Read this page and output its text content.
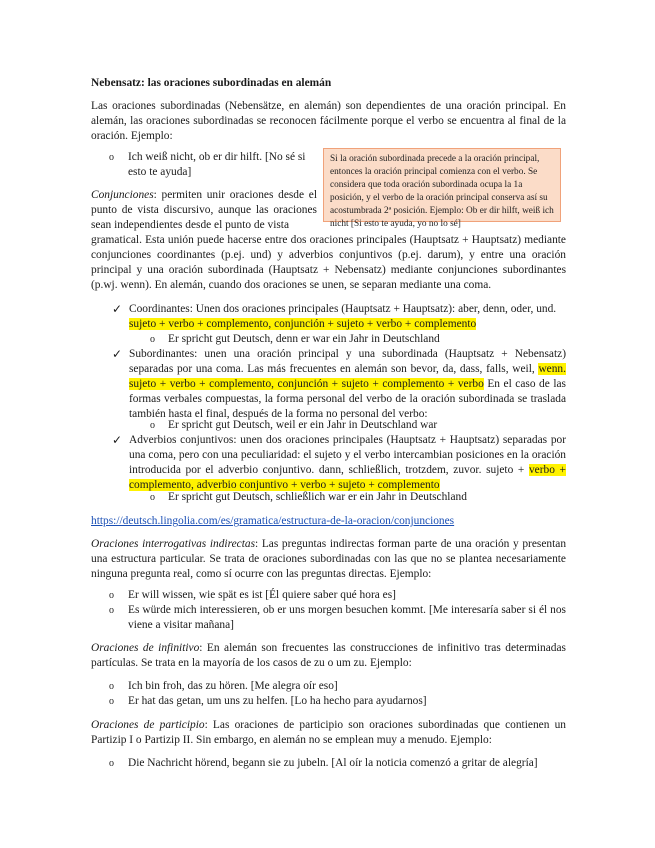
Nebensatz: las oraciones subordinadas en alemán
Las oraciones subordinadas (Nebensätze, en alemán) son dependientes de una oración principal. En alemán, las oraciones subordinadas se reconocen fácilmente porque el verbo se encuentra al final de la oración. Ejemplo:
o Ich weiß nicht, ob er dir hilft. [No sé si esto te ayuda]
Si la oración subordinada precede a la oración principal, entonces la oración principal comienza con el verbo. Se considera que toda oración subordinada ocupa la 1a posición, y el verbo de la oración principal conserva así su acostumbrada 2ª posición. Ejemplo: Ob er dir hilft, weiß ich nicht [Si esto te ayuda, yo no lo sé]
Conjunciones: permiten unir oraciones desde el punto de vista discursivo, aunque las oraciones sean independientes desde el punto de vista
gramatical. Esta unión puede hacerse entre dos oraciones principales (Hauptsatz + Hauptsatz) mediante conjunciones coordinantes (p.ej. und) y adverbios conjuntivos (p.ej. darum), y entre una oración principal y una oración subordinada (Hauptsatz + Nebensatz) mediante conjunciones subordinantes (p.wj. wenn). En alemán, cuando dos oraciones se unen, se separan mediante una coma.
✓ Coordinantes: Unen dos oraciones principales (Hauptsatz + Hauptsatz): aber, denn, oder, und.
sujeto + verbo + complemento, conjunción + sujeto + verbo + complemento
o Er spricht gut Deutsch, denn er war ein Jahr in Deutschland
✓ Subordinantes: unen una oración principal y una subordinada (Hauptsatz + Nebensatz) separadas por una coma. Las más frecuentes en alemán son bevor, da, dass, falls, weil, wenn. sujeto + verbo + complemento, conjunción + sujeto + complemento + verbo En el caso de las formas verbales compuestas, la forma personal del verbo de la oración subordinada se traslada también hasta el final, después de la forma no personal del verbo:
o Er spricht gut Deutsch, weil er ein Jahr in Deutschland war
✓ Adverbios conjuntivos: unen dos oraciones principales (Hauptsatz + Hauptsatz) separadas por una coma, pero con una peculiaridad: el sujeto y el verbo intercambian posiciones en la oración introducida por el adverbio conjuntivo. dann, schließlich, trotzdem, zuvor. sujeto + verbo + complemento, adverbio conjuntivo + verbo + sujeto + complemento
o Er spricht gut Deutsch, schließlich war er ein Jahr in Deutschland
https://deutsch.lingolia.com/es/gramatica/estructura-de-la-oracion/conjunciones
Oraciones interrogativas indirectas: Las preguntas indirectas forman parte de una oración y presentan una estructura particular. Se trata de oraciones subordinadas con las que no se plantea necesariamente ninguna pregunta real, como sí ocurre con las preguntas directas. Ejemplo:
o Er will wissen, wie spät es ist [Él quiere saber qué hora es]
o Es würde mich interessieren, ob er uns morgen besuchen kommt. [Me interesaría saber si él nos viene a visitar mañana]
Oraciones de infinitivo: En alemán son frecuentes las construcciones de infinitivo tras determinadas partículas. Se trata en la mayoría de los casos de zu o um zu. Ejemplo:
o Ich bin froh, das zu hören. [Me alegra oír eso]
o Er hat das getan, um uns zu helfen. [Lo ha hecho para ayudarnos]
Oraciones de participio: Las oraciones de participio son oraciones subordinadas que contienen un Partizip I o Partizip II. Sin embargo, en alemán no se emplean muy a menudo. Ejemplo:
o Die Nachricht hörend, begann sie zu jubeln. [Al oír la noticia comenzó a gritar de alegría]
